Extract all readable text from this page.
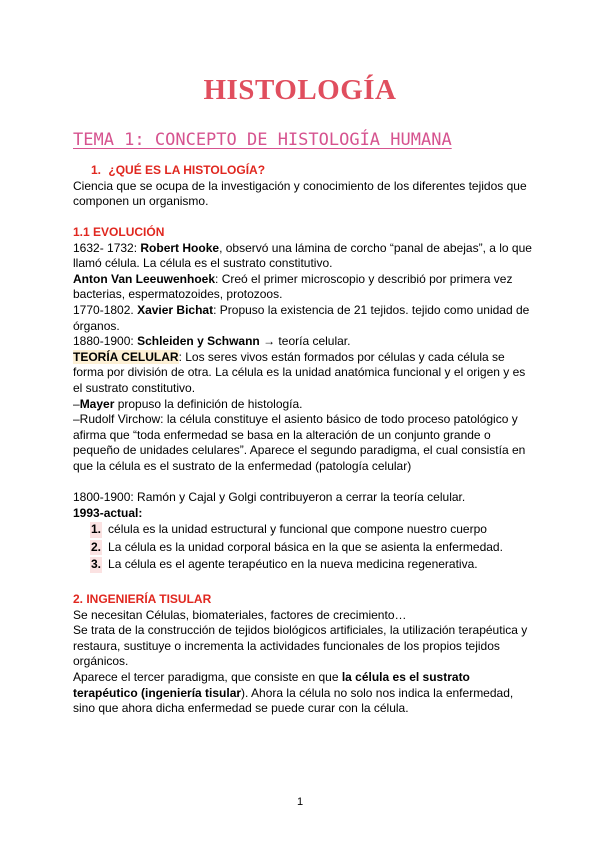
HISTOLOGÍA
TEMA 1: CONCEPTO DE HISTOLOGÍA HUMANA
1. ¿QUÉ ES LA HISTOLOGÍA?
Ciencia que se ocupa de la investigación y conocimiento de los diferentes tejidos que componen un organismo.
1.1 EVOLUCIÓN
1632- 1732: Robert Hooke, observó una lámina de corcho “panal de abejas”, a lo que llamó célula. La célula es el sustrato constitutivo.
Anton Van Leeuwenhoek: Creó el primer microscopio y describió por primera vez bacterias, espermatozoides, protozoos.
1770-1802. Xavier Bichat: Propuso la existencia de 21 tejidos. tejido como unidad de órganos.
1880-1900: Schleiden y Schwann → teoría celular.
TEORÍA CELULAR: Los seres vivos están formados por células y cada célula se forma por división de otra. La célula es la unidad anatómica funcional y el origen y es el sustrato constitutivo.
–Mayer propuso la definición de histología.
–Rudolf Virchow: la célula constituye el asiento básico de todo proceso patológico y afirma que “toda enfermedad se basa en la alteración de un conjunto grande o pequeño de unidades celulares”. Aparece el segundo paradigma, el cual consistía en que la célula es el sustrato de la enfermedad (patología celular)
1800-1900: Ramón y Cajal y Golgi contribuyeron a cerrar la teoría celular.
1993-actual:
1. célula es la unidad estructural y funcional que compone nuestro cuerpo
2. La célula es la unidad corporal básica en la que se asienta la enfermedad.
3. La célula es el agente terapéutico en la nueva medicina regenerativa.
2. INGENIERÍA TISULAR
Se necesitan Células, biomateriales, factores de crecimiento…
Se trata de la construcción de tejidos biológicos artificiales, la utilización terapéutica y restaura, sustituye o incrementa la actividades funcionales de los propios tejidos orgánicos.
Aparece el tercer paradigma, que consiste en que la célula es el sustrato terapéutico (ingeniería tisular). Ahora la célula no solo nos indica la enfermedad, sino que ahora dicha enfermedad se puede curar con la célula.
1
